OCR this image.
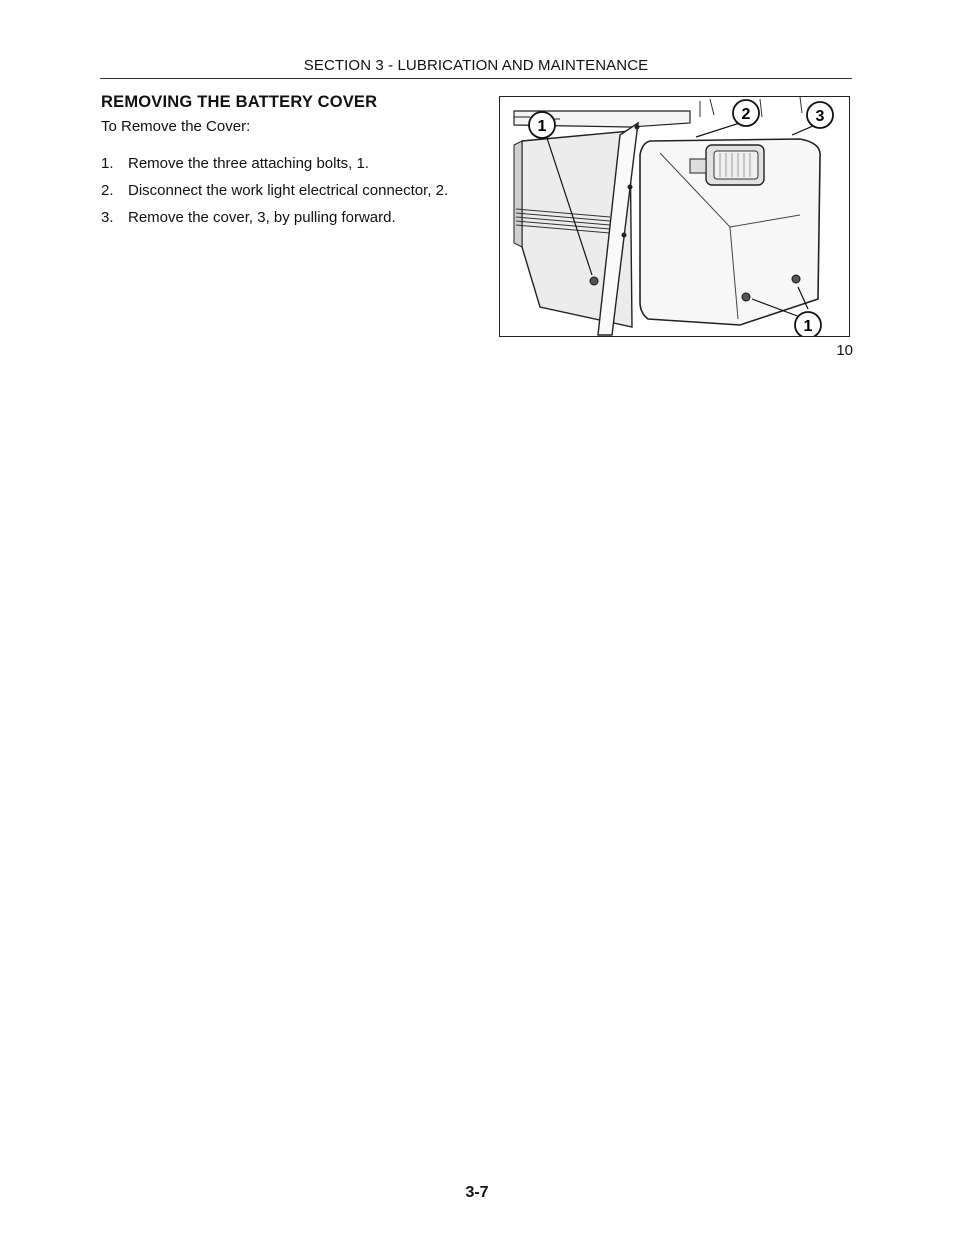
SECTION 3 - LUBRICATION AND MAINTENANCE
REMOVING THE BATTERY COVER
To Remove the Cover:
1. Remove the three attaching bolts, 1.
2. Disconnect the work light electrical connector, 2.
3. Remove the cover, 3, by pulling forward.
1
2	3
1
10
3-7
